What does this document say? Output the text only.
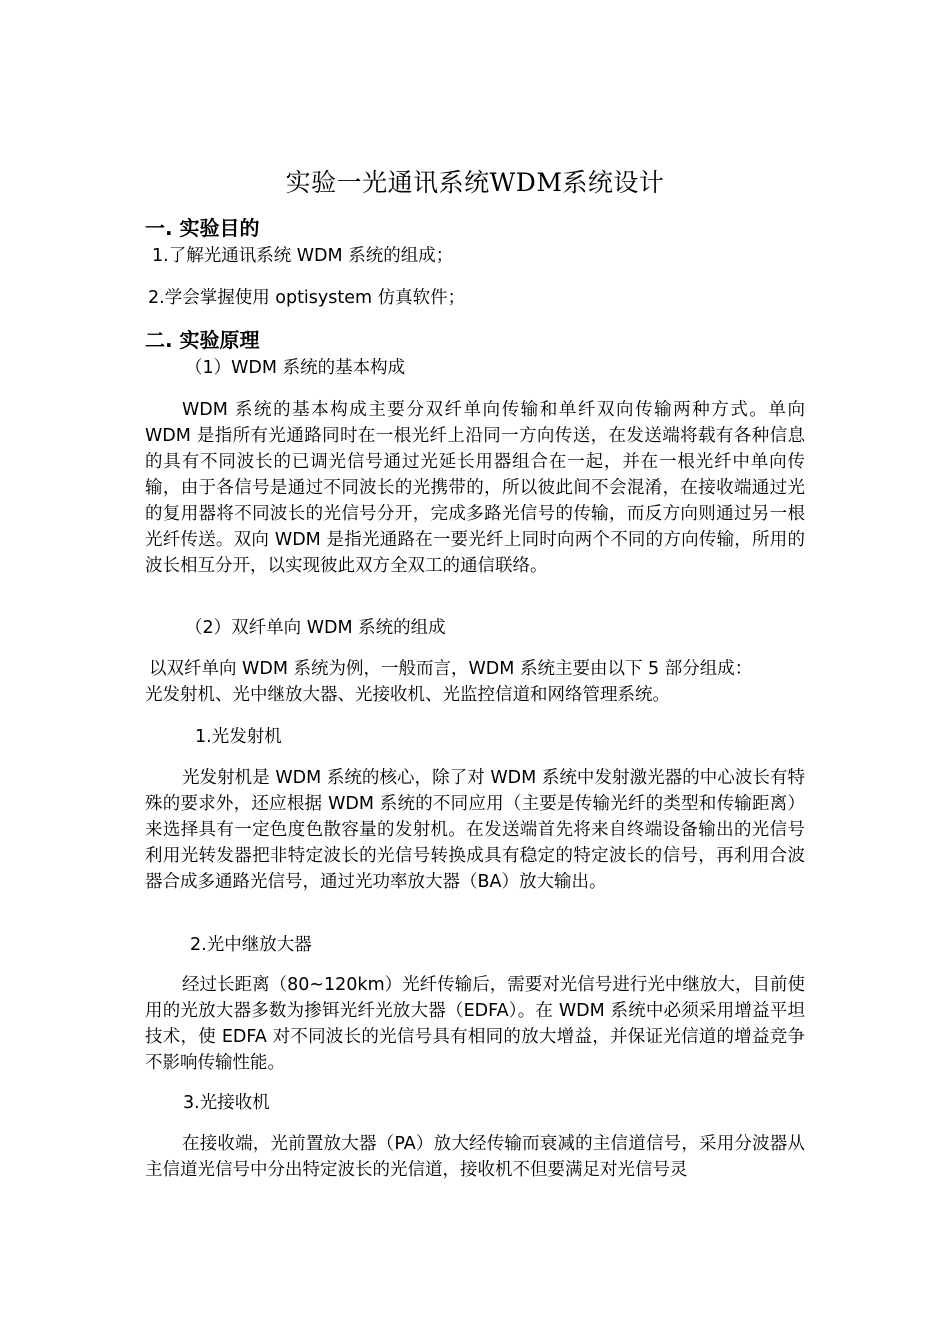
实验一光通讯系统WDM系统设计
一. 实验目的
1.了解光通讯系统 WDM 系统的组成；
2.学会掌握使用 optisystem 仿真软件；
二. 实验原理
（1）WDM 系统的基本构成
WDM 系统的基本构成主要分双纤单向传输和单纤双向传输两种方式。单向 WDM 是指所有光通路同时在一根光纤上沿同一方向传送，在发送端将载有各种信息的具有不同波长的已调光信号通过光延长用器组合在一起，并在一根光纤中单向传输，由于各信号是通过不同波长的光携带的，所以彼此间不会混淆，在接收端通过光的复用器将不同波长的光信号分开，完成多路光信号的传输，而反方向则通过另一根光纤传送。双向 WDM 是指光通路在一要光纤上同时向两个不同的方向传输，所用的波长相互分开，以实现彼此双方全双工的通信联络。
（2）双纤单向 WDM 系统的组成
以双纤单向 WDM 系统为例，一般而言，WDM 系统主要由以下 5 部分组成：
光发射机、光中继放大器、光接收机、光监控信道和网络管理系统。
1.光发射机
光发射机是 WDM 系统的核心，除了对 WDM 系统中发射激光器的中心波长有特殊的要求外，还应根据 WDM 系统的不同应用（主要是传输光纤的类型和传输距离）来选择具有一定色度色散容量的发射机。在发送端首先将来自终端设备输出的光信号利用光转发器把非特定波长的光信号转换成具有稳定的特定波长的信号，再利用合波器合成多通路光信号，通过光功率放大器（BA）放大输出。
2.光中继放大器
经过长距离（80~120km）光纤传输后，需要对光信号进行光中继放大，目前使用的光放大器多数为掺铒光纤光放大器（EDFA）。在 WDM 系统中必须采用增益平坦技术，使 EDFA 对不同波长的光信号具有相同的放大增益，并保证光信道的增益竞争不影响传输性能。
3.光接收机
在接收端，光前置放大器（PA）放大经传输而衰减的主信道信号，采用分波器从主信道光信号中分出特定波长的光信道，接收机不但要满足对光信号灵
